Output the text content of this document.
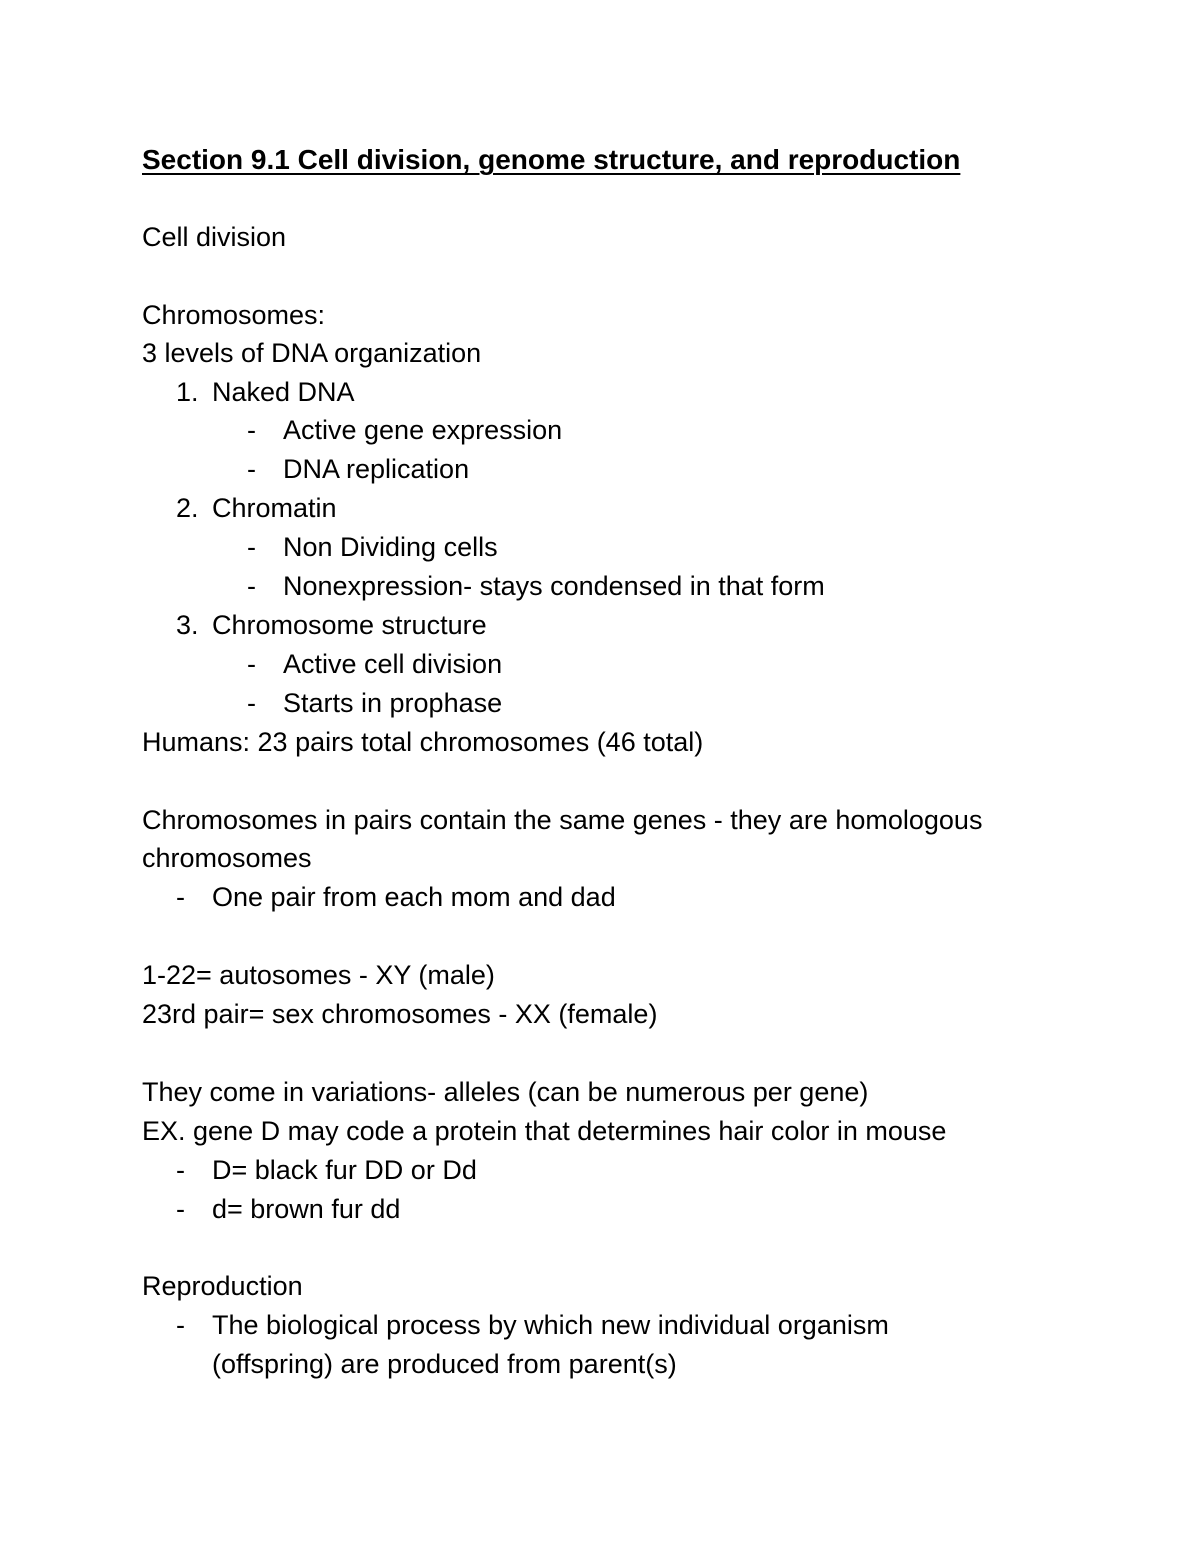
Section 9.1 Cell division, genome structure, and reproduction
Cell division
Chromosomes:
3 levels of DNA organization
1. Naked DNA
- Active gene expression
- DNA replication
2. Chromatin
- Non Dividing cells
- Nonexpression- stays condensed in that form
3. Chromosome structure
- Active cell division
- Starts in prophase
Humans: 23 pairs total chromosomes (46 total)
Chromosomes in pairs contain the same genes - they are homologous
chromosomes
- One pair from each mom and dad
1-22= autosomes - XY (male)
23rd pair= sex chromosomes - XX (female)
They come in variations- alleles (can be numerous per gene)
EX. gene D may code a protein that determines hair color in mouse
- D= black fur DD or Dd
- d= brown fur dd
Reproduction
- The biological process by which new individual organism
(offspring) are produced from parent(s)
